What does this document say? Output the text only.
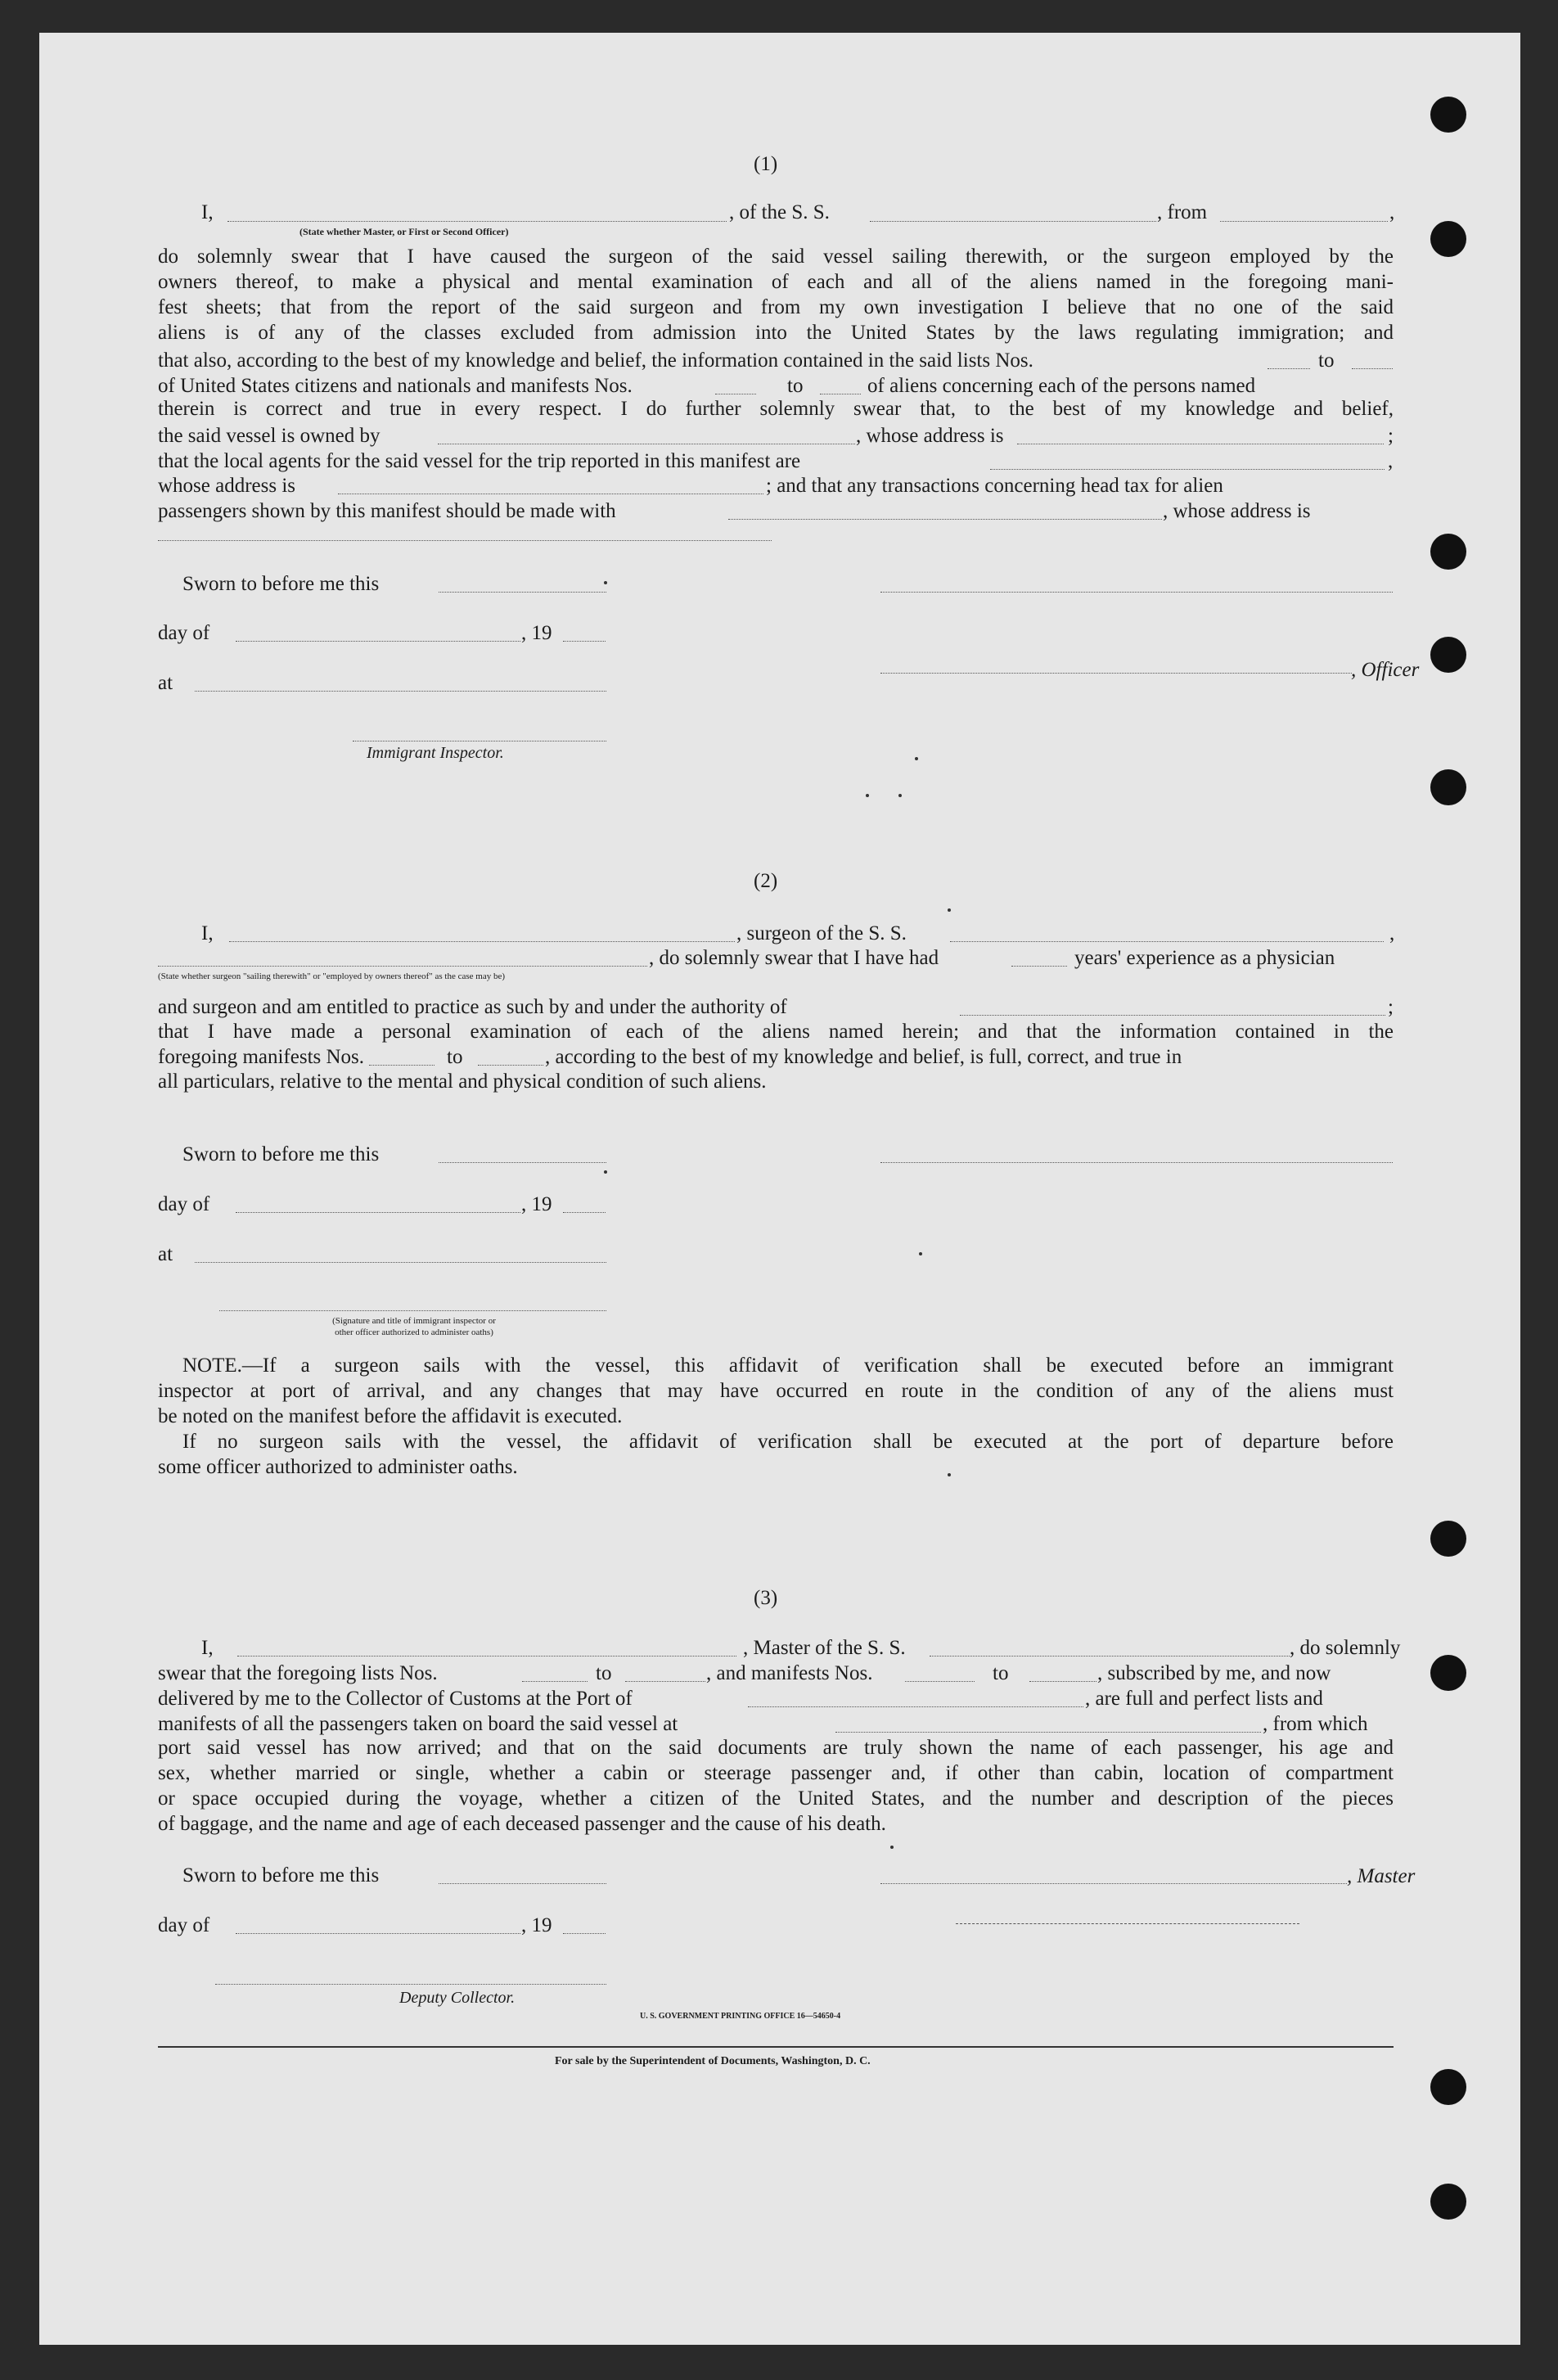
(1)
I,	, of the S. S.	, from	,
(State whether Master, or First or Second Officer)
do solemnly swear that I have caused the surgeon of the said vessel sailing therewith, or the surgeon employed by the
owners thereof, to make a physical and mental examination of each and all of the aliens named in the foregoing mani-
fest sheets; that from the report of the said surgeon and from my own investigation I believe that no one of the said
aliens is of any of the classes excluded from admission into the United States by the laws regulating immigration; and
that also, according to the best of my knowledge and belief, the information contained in the said lists Nos.	to
of United States citizens and nationals and manifests Nos.	to	of aliens concerning each of the persons named
therein is correct and true in every respect. I do further solemnly swear that, to the best of my knowledge and belief,
the said vessel is owned by	, whose address is	;
that the local agents for the said vessel for the trip reported in this manifest are	,
whose address is	; and that any transactions concerning head tax for alien
passengers shown by this manifest should be made with	, whose address is
Sworn to before me this
day of	, 19
at
Immigrant Inspector.
, Officer
(2)
I,	, surgeon of the S. S.	,
, do solemnly swear that I have had	years' experience as a physician
(State whether surgeon "sailing therewith" or "employed by owners thereof" as the case may be)
and surgeon and am entitled to practice as such by and under the authority of	;
that I have made a personal examination of each of the aliens named herein; and that the information contained in the
foregoing manifests Nos.	to	, according to the best of my knowledge and belief, is full, correct, and true in
all particulars, relative to the mental and physical condition of such aliens.
Sworn to before me this
day of	, 19
at
(Signature and title of immigrant inspector or
other officer authorized to administer oaths)
NOTE.—If a surgeon sails with the vessel, this affidavit of verification shall be executed before an immigrant
inspector at port of arrival, and any changes that may have occurred en route in the condition of any of the aliens must
be noted on the manifest before the affidavit is executed.
If no surgeon sails with the vessel, the affidavit of verification shall be executed at the port of departure before
some officer authorized to administer oaths.
(3)
I,	, Master of the S. S.	, do solemnly
swear that the foregoing lists Nos.	to	, and manifests Nos.	to	, subscribed by me, and now
delivered by me to the Collector of Customs at the Port of	, are full and perfect lists and
manifests of all the passengers taken on board the said vessel at	, from which
port said vessel has now arrived; and that on the said documents are truly shown the name of each passenger, his age and
sex, whether married or single, whether a cabin or steerage passenger and, if other than cabin, location of compartment
or space occupied during the voyage, whether a citizen of the United States, and the number and description of the pieces
of baggage, and the name and age of each deceased passenger and the cause of his death.
Sworn to before me this	, Master
day of	, 19
Deputy Collector.
U. S. GOVERNMENT PRINTING OFFICE 16—54650-4
For sale by the Superintendent of Documents, Washington, D. C.
